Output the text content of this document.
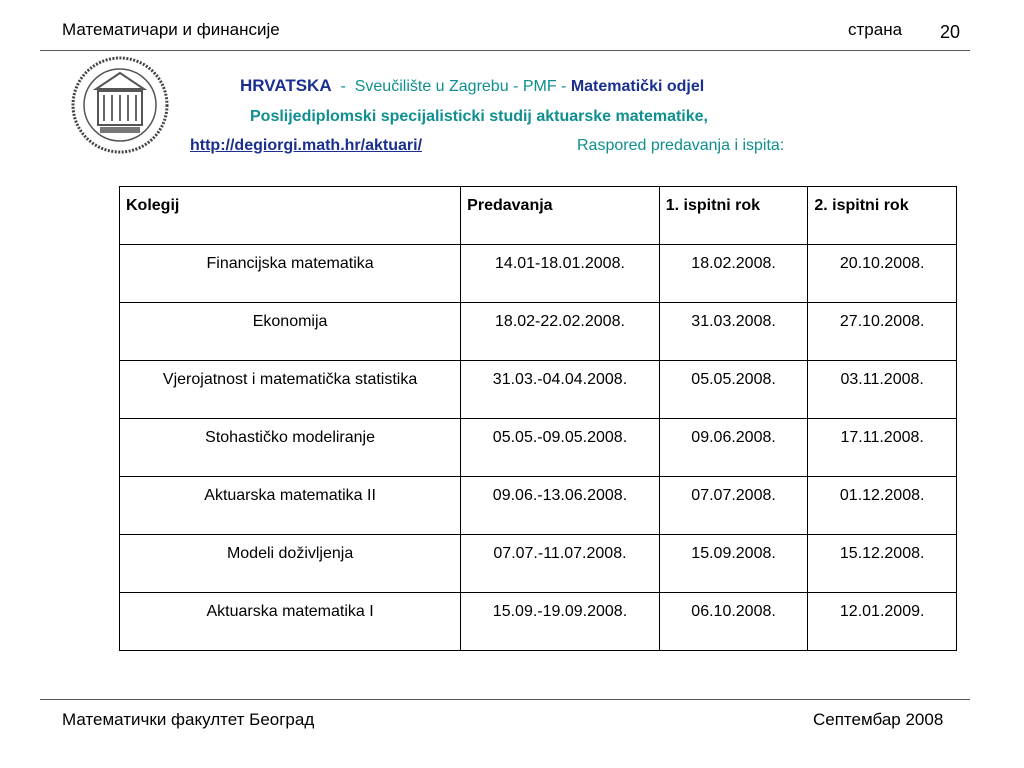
Математичари и финансије	страна 20
HRVATSKA - Sveučilište u Zagrebu - PMF - Matematički odjel
Poslijediplomski specijalisticki studij aktuarske matematike,
http://degiorgi.math.hr/aktuari/	Raspored predavanja i ispita:
Kolegij	Predavanja	1. ispitni rok	2. ispitni rok
Financijska matematika	14.01-18.01.2008.	18.02.2008.	20.10.2008.
Ekonomija	18.02-22.02.2008.	31.03.2008.	27.10.2008.
Vjerojatnost i matematička statistika	31.03.-04.04.2008.	05.05.2008.	03.11.2008.
Stohastičko modeliranje	05.05.-09.05.2008.	09.06.2008.	17.11.2008.
Aktuarska matematika II	09.06.-13.06.2008.	07.07.2008.	01.12.2008.
Modeli doživljenja	07.07.-11.07.2008.	15.09.2008.	15.12.2008.
Aktuarska matematika I	15.09.-19.09.2008.	06.10.2008.	12.01.2009.
Математички факултет Београд	Септембар 2008
